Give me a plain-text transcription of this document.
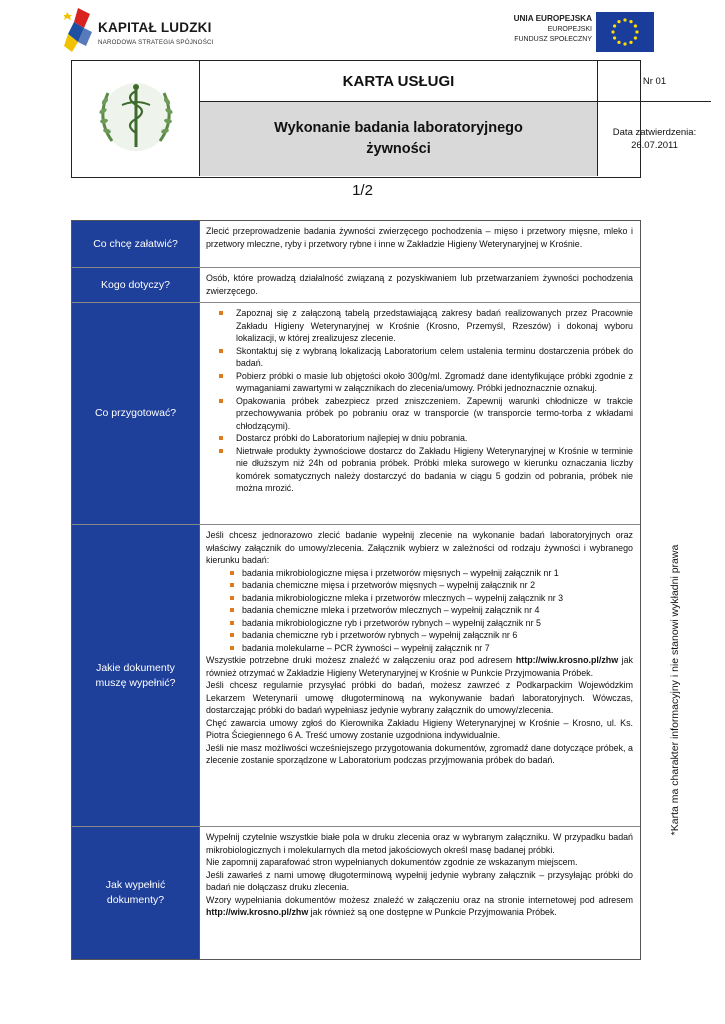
KAPITAŁ LUDZKI
NARODOWA STRATEGIA SPÓJNOŚCI
UNIA EUROPEJSKA
EUROPEJSKI
FUNDUSZ SPOŁECZNY
KARTA USŁUGI	Nr 01
Wykonanie badania laboratoryjnego żywności
Data zatwierdzenia:
26.07.2011
1/2
Co chcę załatwić?

Zlecić przeprowadzenie badania żywności zwierzęcego pochodzenia – mięso i przetwory mięsne, mleko i przetwory mleczne, ryby i przetwory rybne i inne w Zakładzie Higieny Weterynaryjnej w Krośnie.

Kogo dotyczy?

Osób, które prowadzą działalność związaną z pozyskiwaniem lub przetwarzaniem żywności pochodzenia zwierzęcego.

Co przygotować?
Zapoznaj się z załączoną tabelą przedstawiającą zakresy badań realizowanych przez Pracownie Zakładu Higieny Weterynaryjnej w Krośnie (Krosno, Przemyśl, Rzeszów) i dokonaj wyboru lokalizacji, w której zrealizujesz zlecenie.
Skontaktuj się z wybraną lokalizacją Laboratorium celem ustalenia terminu dostarczenia próbek do badań.
Pobierz próbki o masie lub objętości około 300g/ml. Zgromadź dane identyfikujące próbki zgodnie z wymaganiami zawartymi w załącznikach do zlecenia/umowy. Próbki jednoznacznie oznakuj.
Opakowania próbek zabezpiecz przed zniszczeniem. Zapewnij warunki chłodnicze w trakcie przechowywania próbek po pobraniu oraz w transporcie (w transporcie termo-torba z wkładami chłodzącymi).
Dostarcz próbki do Laboratorium najlepiej w dniu pobrania.
Nietrwałe produkty żywnościowe dostarcz do Zakładu Higieny Weterynaryjnej w Krośnie w terminie nie dłuższym niż 24h od pobrania próbek. Próbki mleka surowego w kierunku oznaczania liczby komórek somatycznych należy dostarczyć do badania w ciągu 5 godzin od pobrania, próbek nie można mrozić.
Jakie dokumenty muszę wypełnić?

Jeśli chcesz jednorazowo zlecić badanie wypełnij zlecenie na wykonanie badań laboratoryjnych oraz właściwy załącznik do umowy/zlecenia. Załącznik wybierz w zależności od rodzaju żywności i wybranego kierunku badań:

badania mikrobiologiczne mięsa i przetworów mięsnych – wypełnij załącznik nr 1
badania chemiczne mięsa i przetworów mięsnych – wypełnij załącznik nr 2
badania mikrobiologiczne mleka i przetworów mlecznych – wypełnij załącznik nr 3
badania chemiczne mleka i przetworów mlecznych – wypełnij załącznik nr 4
badania mikrobiologiczne ryb i przetworów rybnych – wypełnij załącznik nr 5
badania chemiczne ryb i przetworów rybnych – wypełnij załącznik nr 6
badania molekularne – PCR żywności – wypełnij załącznik nr 7

Wszystkie potrzebne druki możesz znaleźć w załączeniu oraz pod adresem http://wiw.krosno.pl/zhw jak również otrzymać w Zakładzie Higieny Weterynaryjnej w Krośnie w Punkcie Przyjmowania Próbek.

Jeśli chcesz regularnie przysyłać próbki do badań, możesz zawrzeć z Podkarpackim Wojewódzkim Lekarzem Weterynarii umowę długoterminową na wykonywanie badań laboratoryjnych. Wówczas, dostarczając próbki do badań wypełniasz jedynie wybrany załącznik do umowy/zlecenia.

Chęć zawarcia umowy zgłoś do Kierownika Zakładu Higieny Weterynaryjnej w Krośnie – Krosno, ul. Ks. Piotra Ściegiennego 6 A. Treść umowy zostanie uzgodniona indywidualnie.

Jeśli nie masz możliwości wcześniejszego przygotowania dokumentów, zgromadź dane dotyczące próbek, a zlecenie zostanie sporządzone w Laboratorium podczas przyjmowania próbek do badań.

Jak wypełnić dokumenty?

Wypełnij czytelnie wszystkie białe pola w druku zlecenia oraz w wybranym załączniku. W przypadku badań mikrobiologicznych i molekularnych dla metod jakościowych określ masę badanej próbki.

Nie zapomnij zaparafować stron wypełnianych dokumentów zgodnie ze wskazanym miejscem.

Jeśli zawarłeś z nami umowę długoterminową wypełnij jedynie wybrany załącznik – przysyłając próbki do badań nie dołączasz druku zlecenia.

Wzory wypełniania dokumentów możesz znaleźć w załączeniu oraz na stronie internetowej pod adresem http://wiw.krosno.pl/zhw jak również są one dostępne w Punkcie Przyjmowania Próbek.

*Karta ma charakter informacyjny i nie stanowi wykładni prawa
